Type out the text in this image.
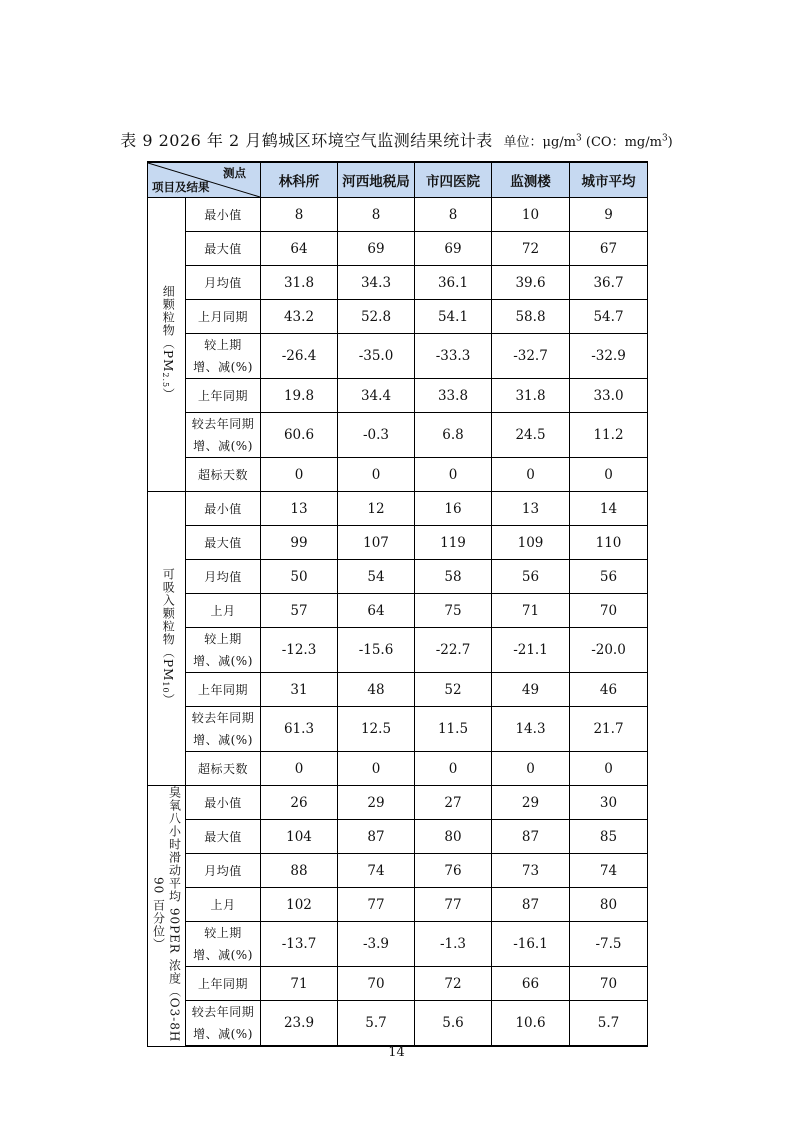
表 9 2026 年 2 月鹤城区环境空气监测结果统计表 单位：$\mu g/m^3$ (CO：$mg/m^3$)
测点
项目及结果		林科所	河西地税局	市四医院	监测楼	城市平均
细颗粒物$(PM_{2.5})$	最小值	8	8	8	10	9

	最大值	64	69	69	72	67

	月均值	31.8	34.3	36.1	39.6	36.7

	上月同期	43.2	52.8	54.1	58.8	54.7

	较上期
增、减(%)	-26.4	-35.0	-33.3	-32.7	-32.9

	上年同期	19.8	34.4	33.8	31.8	33.0

	较去年同期
增、减(%)	60.6	-0.3	6.8	24.5	11.2

	超标天数	0	0	0	0	0
可吸入颗粒物$(PM_{10})$	最小值	13	12	16	13	14

	最大值	99	107	119	109	110

	月均值	50	54	58	56	56

	上月	57	64	75	71	70

	较上期
增、减(%)	-12.3	-15.6	-22.7	-21.1	-20.0

	上年同期	31	48	52	49	46

	较去年同期
增、减(%)	61.3	12.5	11.5	14.3	21.7

	超标天数	0	0	0	0	0
臭氧八小时滑动平均 90PER 浓度（O3-8H 90 百分位）	最小值	26	29	27	29	30

	最大值	104	87	80	87	85

	月均值	88	74	76	73	74

	上月	102	77	77	87	80

	较上期
增、减(%)	-13.7	-3.9	-1.3	-16.1	-7.5

	上年同期	71	70	72	66	70

	较去年同期
增、减(%)	23.9	5.7	5.6	10.6	5.7
14
